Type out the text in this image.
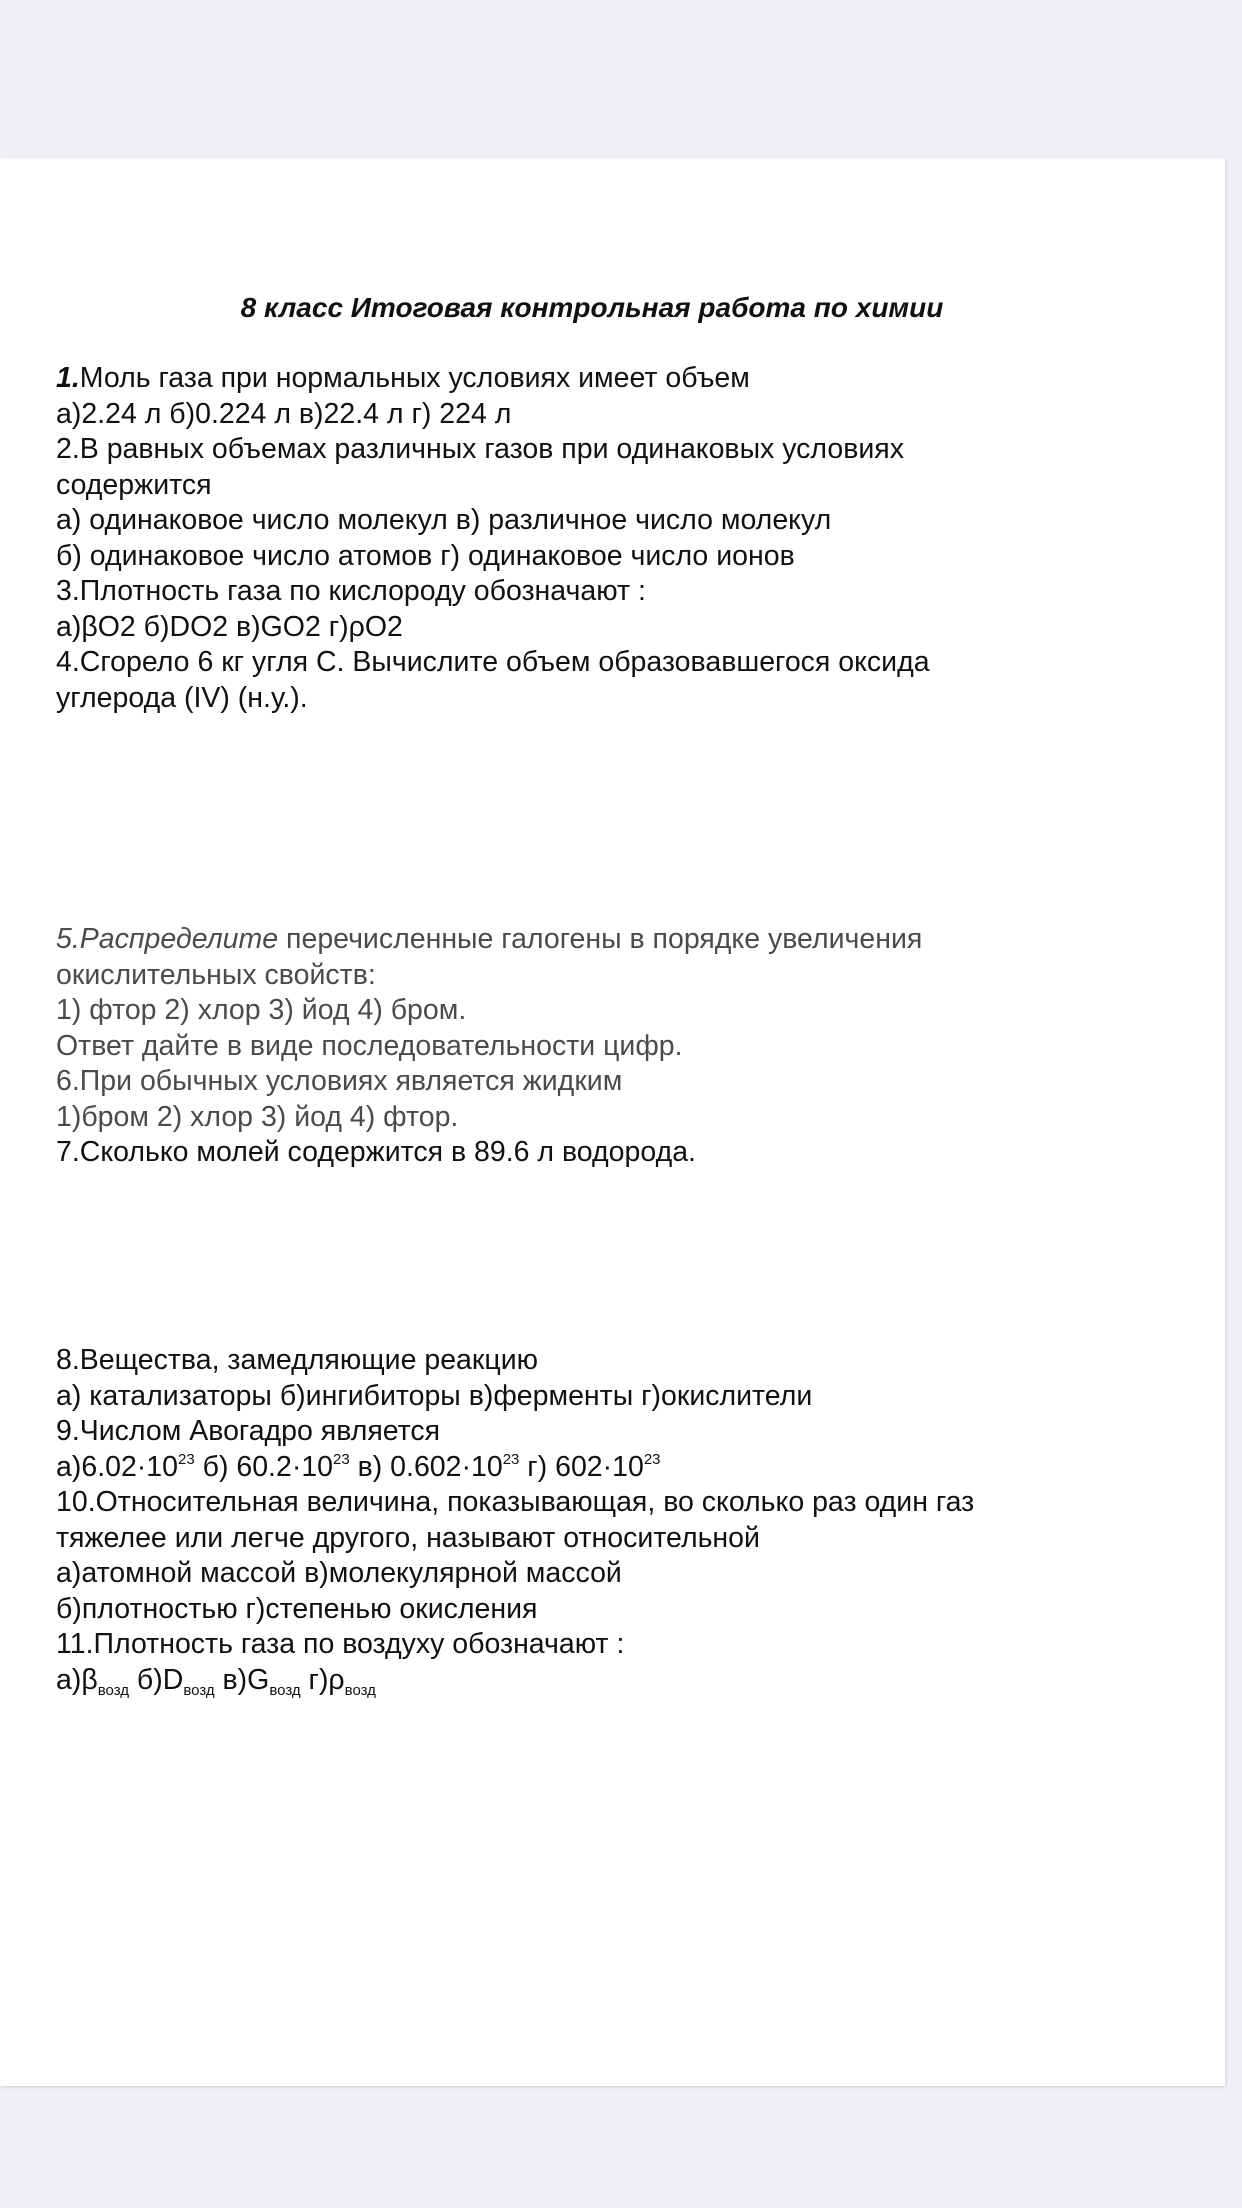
8 класс Итоговая контрольная работа по химии
1.Моль газа при нормальных условиях имеет объем
а)2.24 л б)0.224 л в)22.4 л г) 224 л
2.В равных объемах различных газов при одинаковых условиях
содержится
а) одинаковое число молекул в) различное число молекул
б) одинаковое число атомов г) одинаковое число ионов
3.Плотность газа по кислороду обозначают :
а)βO2 б)DO2 в)GO2 г)ρO2
4.Сгорело 6 кг угля С. Вычислите объем образовавшегося оксида
углерода (IV) (н.у.).
5.Распределите перечисленные галогены в порядке увеличения
окислительных свойств:
1) фтор 2) хлор 3) йод 4) бром.
Ответ дайте в виде последовательности цифр.
6.При обычных условиях является жидким
1)бром 2) хлор 3) йод 4) фтор.
7.Сколько молей содержится в 89.6 л водорода.
8.Вещества, замедляющие реакцию
а) катализаторы б)ингибиторы в)ферменты г)окислители
9.Числом Авогадро является
$а)6.02\cdot 10^{23}$ б) $60.2\cdot 10^{23}$ в) $0.602\cdot 10^{23}$ г) $602\cdot 10^{23}$
10.Относительная величина, показывающая, во сколько раз один газ
тяжелее или легче другого, называют относительной
а)атомной массой в)молекулярной массой
б)плотностью г)степенью окисления
11.Плотность газа по воздуху обозначают :
$а)\beta_{возд}$ $б)D_{возд}$ $в)G_{возд}$ $г)\rho_{возд}$
